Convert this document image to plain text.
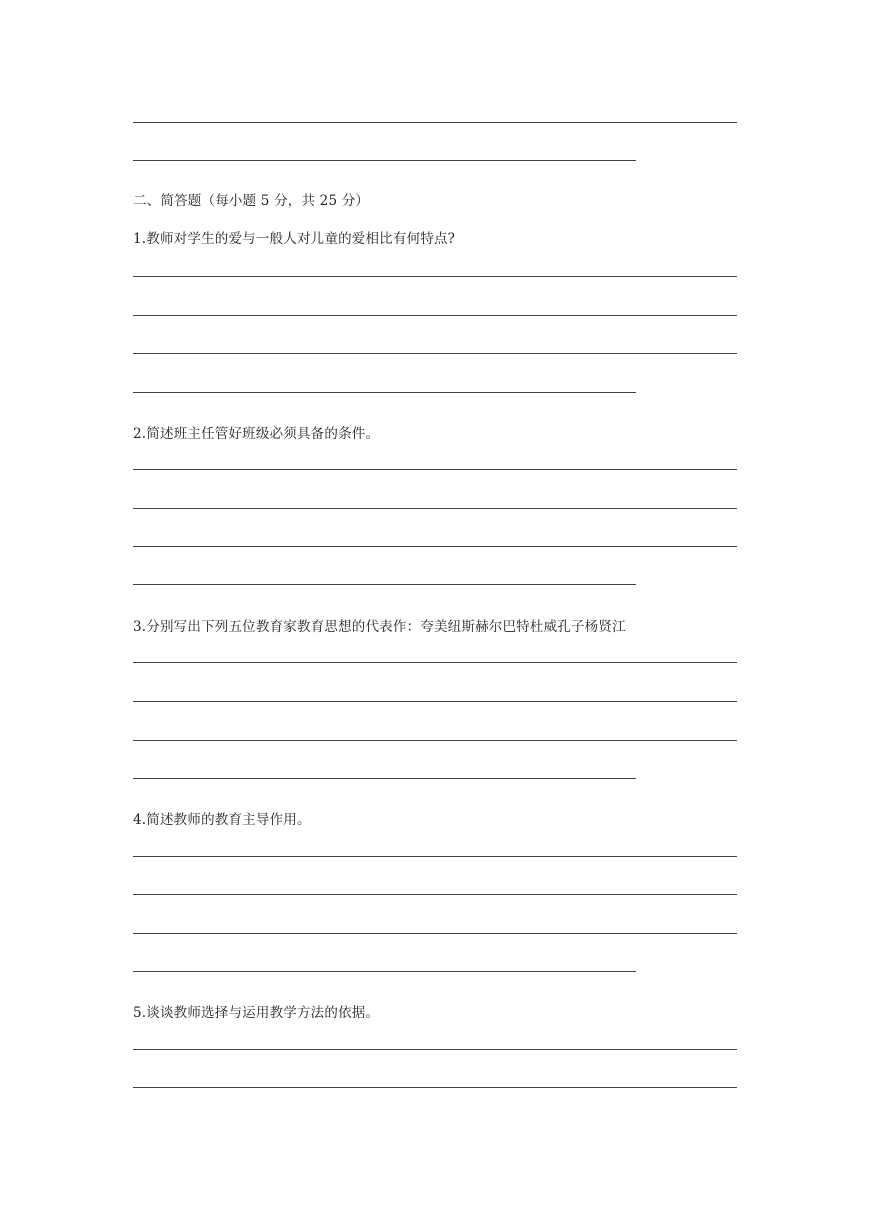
二、简答题（每小题 5 分，共 25 分）
1.教师对学生的爱与一般人对儿童的爱相比有何特点?
2.简述班主任管好班级必须具备的条件。
3.分别写出下列五位教育家教育思想的代表作：夸美纽斯赫尔巴特杜威孔子杨贤江
4.简述教师的教育主导作用。
5.谈谈教师选择与运用教学方法的依据。
